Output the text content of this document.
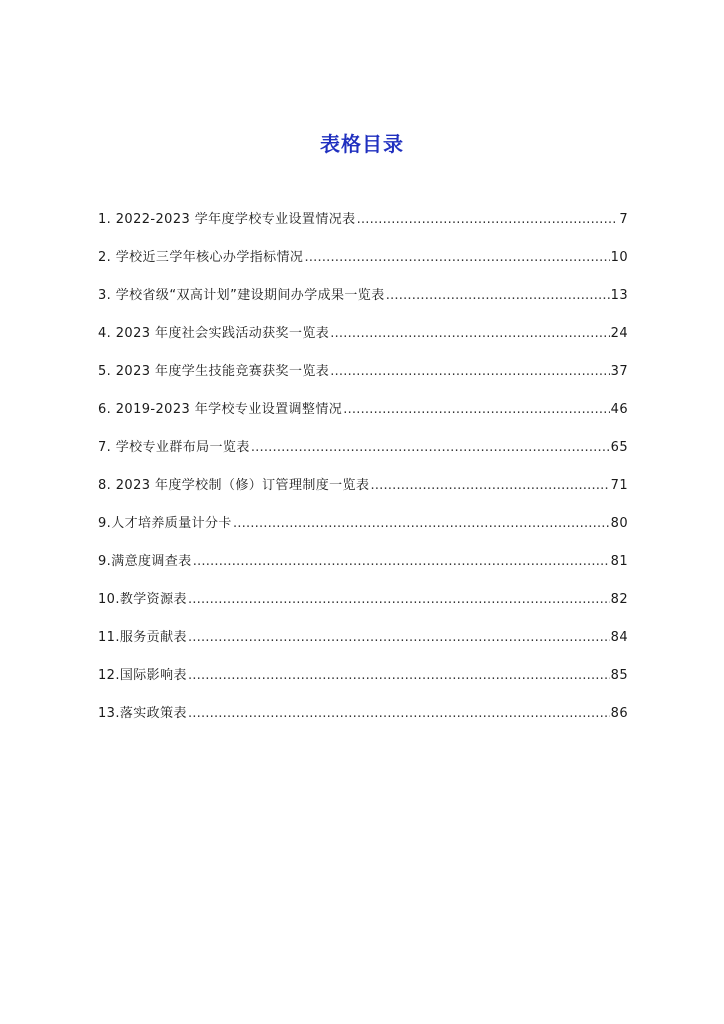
表格目录
1. 2022-2023 学年度学校专业设置情况表 ……………………………………………………………………………………………………………………………………………………………………………………	7
2. 学校近三学年核心办学指标情况 ……………………………………………………………………………………………………………………………………………………………………………………	10
3. 学校省级“双高计划”建设期间办学成果一览表 ……………………………………………………………………………………………………………………………………………………………………………………	13
4. 2023 年度社会实践活动获奖一览表 ……………………………………………………………………………………………………………………………………………………………………………………	24
5. 2023 年度学生技能竞赛获奖一览表 ……………………………………………………………………………………………………………………………………………………………………………………	37
6. 2019-2023 年学校专业设置调整情况 ……………………………………………………………………………………………………………………………………………………………………………………	46
7. 学校专业群布局一览表 ……………………………………………………………………………………………………………………………………………………………………………………	65
8. 2023 年度学校制（修）订管理制度一览表 ……………………………………………………………………………………………………………………………………………………………………………………	71
9.人才培养质量计分卡 ……………………………………………………………………………………………………………………………………………………………………………………	80
9.满意度调查表 ……………………………………………………………………………………………………………………………………………………………………………………	81
10.教学资源表 ……………………………………………………………………………………………………………………………………………………………………………………	82
11.服务贡献表 ……………………………………………………………………………………………………………………………………………………………………………………	84
12.国际影响表 ……………………………………………………………………………………………………………………………………………………………………………………	85
13.落实政策表 ……………………………………………………………………………………………………………………………………………………………………………………	86
